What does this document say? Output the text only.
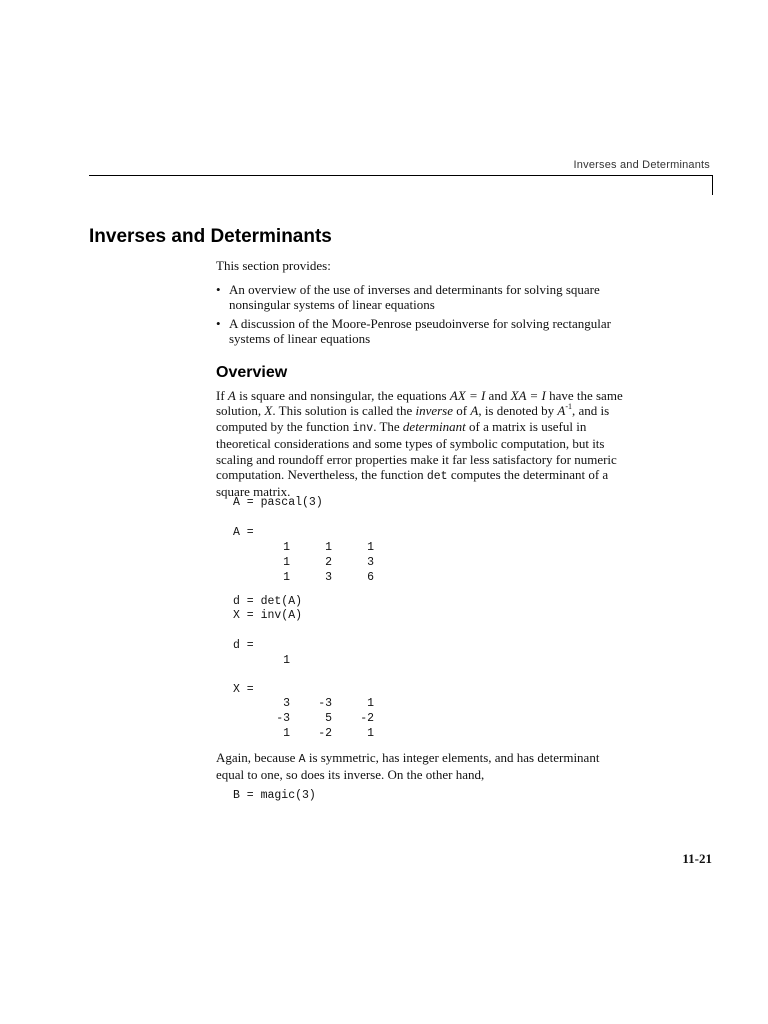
Inverses and Determinants
Inverses and Determinants
This section provides:
• An overview of the use of inverses and determinants for solving square
nonsingular systems of linear equations
• A discussion of the Moore-Penrose pseudoinverse for solving rectangular
systems of linear equations
Overview
If A is square and nonsingular, the equations AX = I and XA = I have the same
solution, X. This solution is called the inverse of A, is denoted by $A^{-1}$, and is
computed by the function inv. The determinant of a matrix is useful in
theoretical considerations and some types of symbolic computation, but its
scaling and roundoff error properties make it far less satisfactory for numeric
computation. Nevertheless, the function det computes the determinant of a
square matrix.
A = pascal(3)
A =
1	1	1
1	2	3
1	3	6
d = det(A)
X = inv(A)
d =
1
X =
3	-3	1
-3	5	-2
1	-2	1
Again, because A is symmetric, has integer elements, and has determinant
equal to one, so does its inverse. On the other hand,
B = magic(3)
11-21
